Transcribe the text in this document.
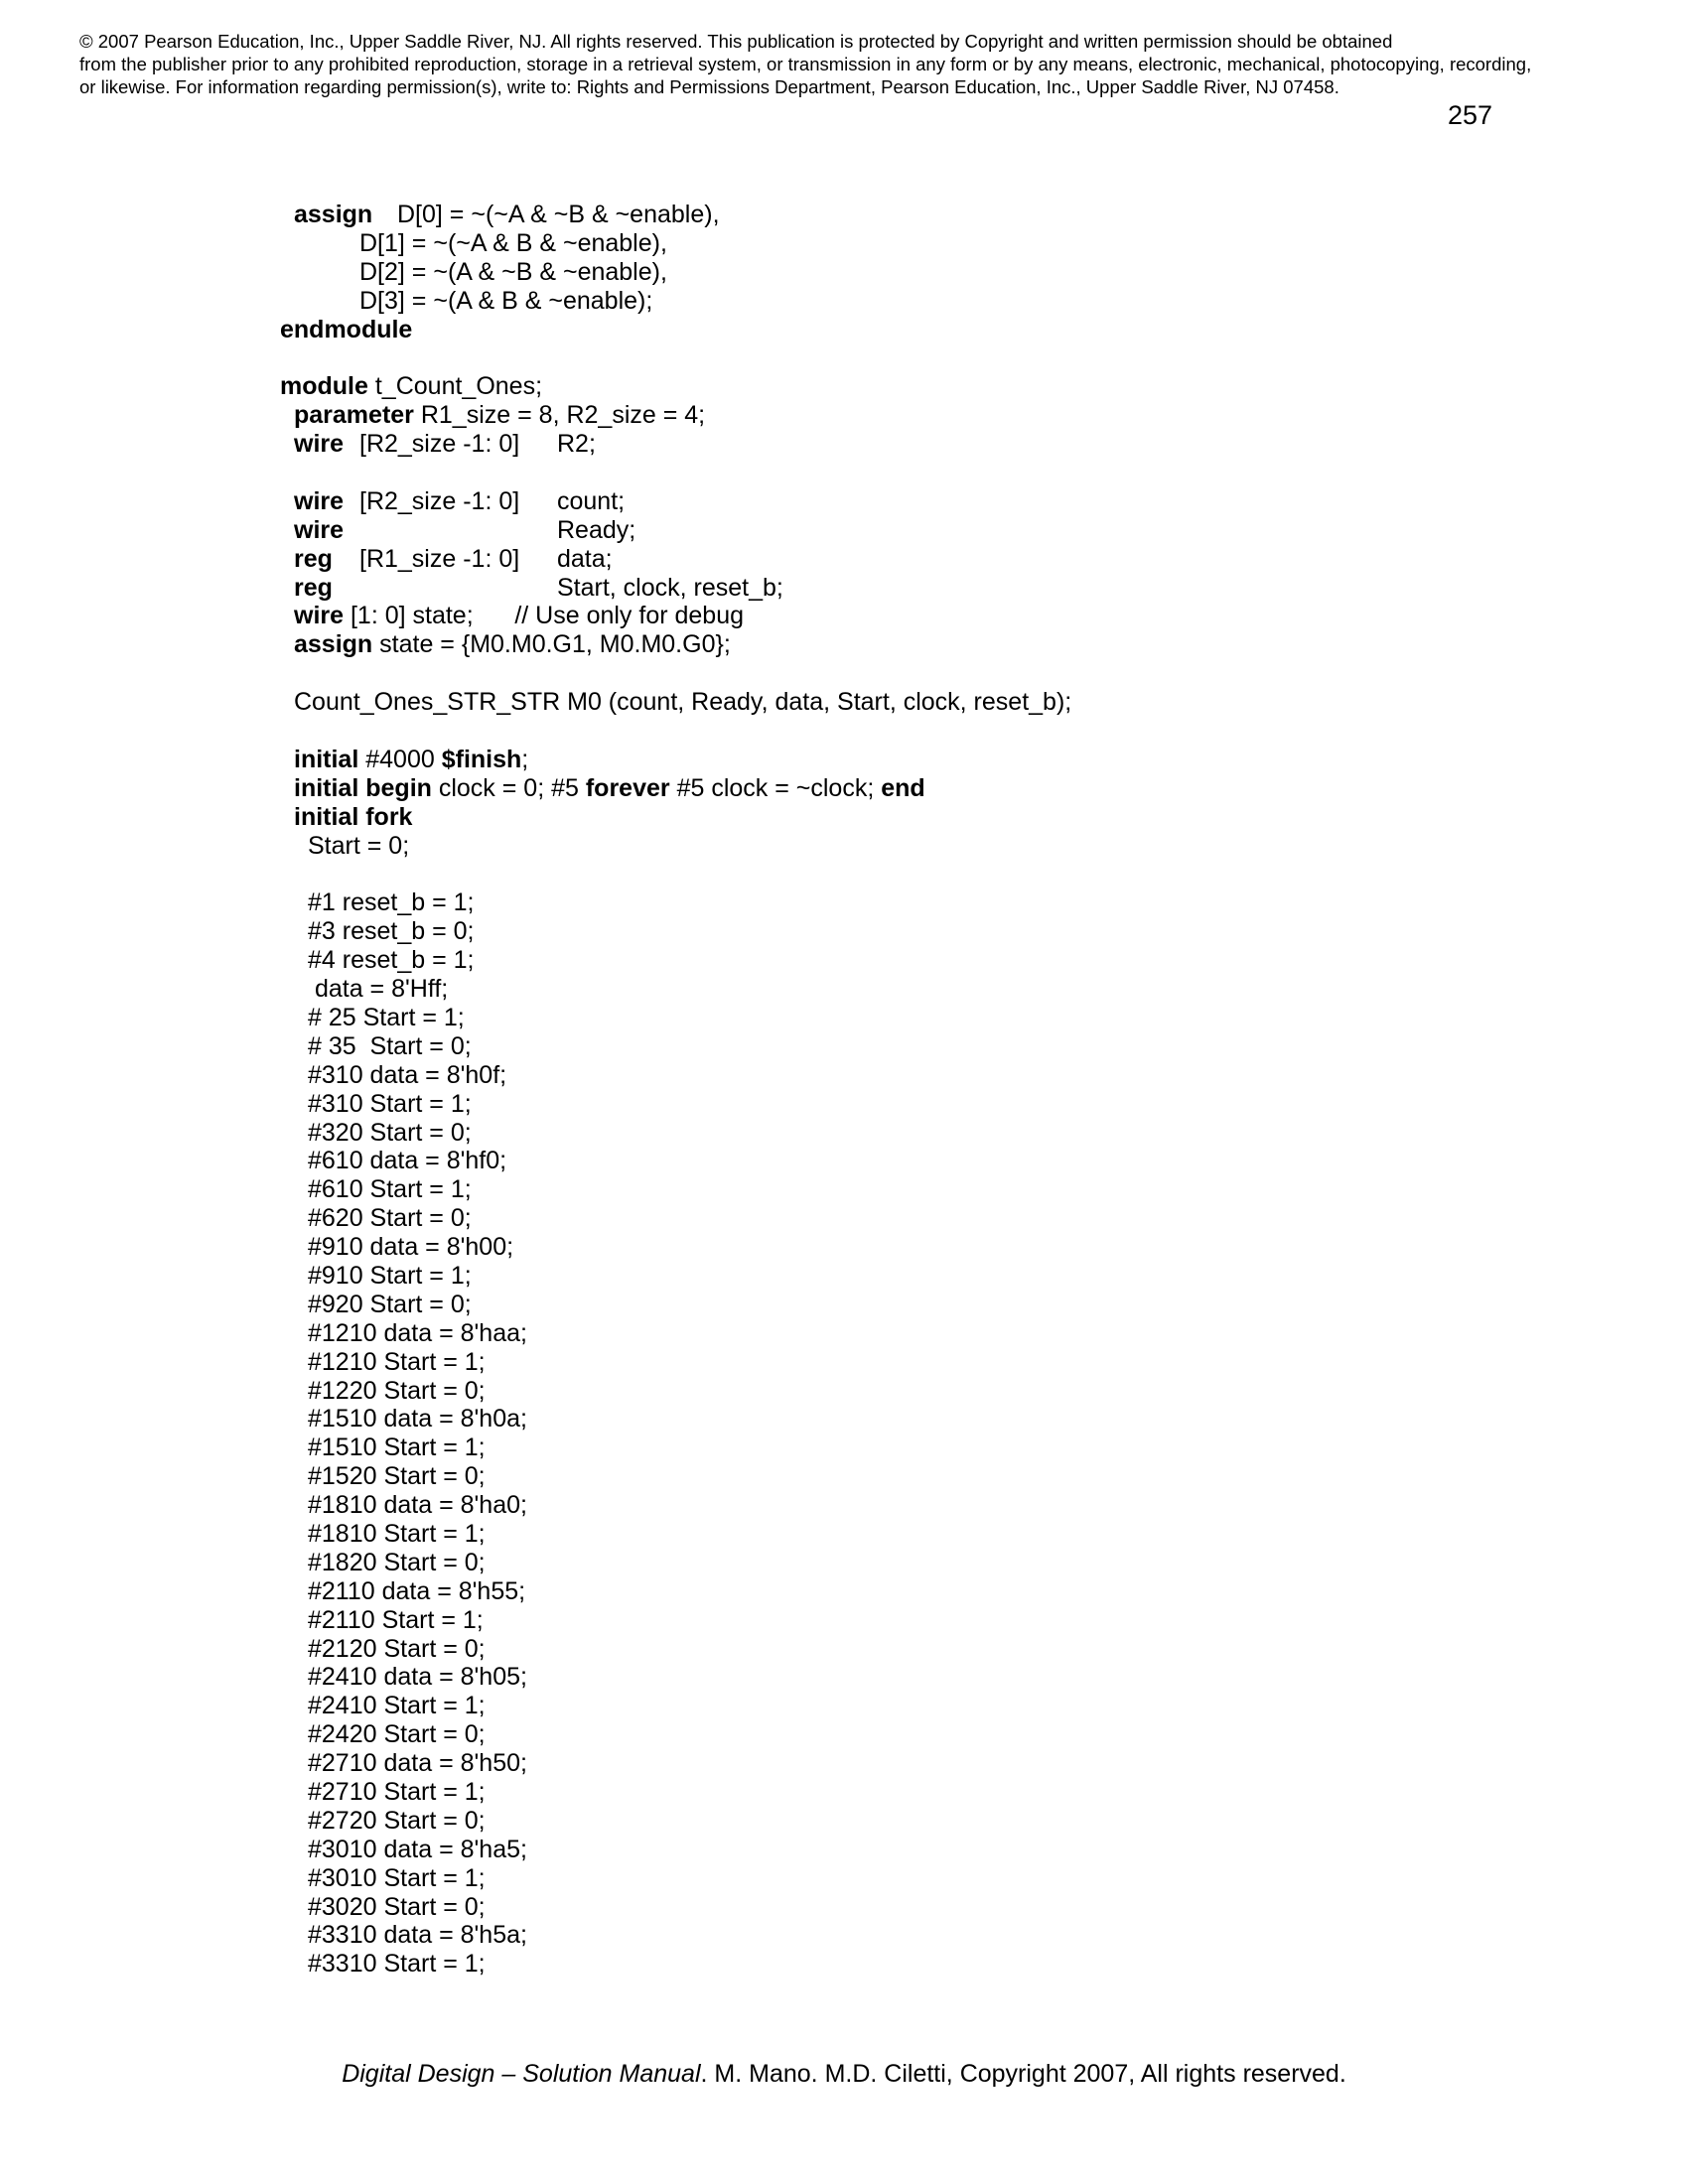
© 2007 Pearson Education, Inc., Upper Saddle River, NJ. All rights reserved. This publication is protected by Copyright and written permission should be obtained
from the publisher prior to any prohibited reproduction, storage in a retrieval system, or transmission in any form or by any means, electronic, mechanical, photocopying, recording,
or likewise. For information regarding permission(s), write to: Rights and Permissions Department, Pearson Education, Inc., Upper Saddle River, NJ 07458.
257

assign

D[0] = ~(~A & ~B & ~enable),

D[1] = ~(~A & B & ~enable),

D[2] = ~(A & ~B & ~enable),

D[3] = ~(A & B & ~enable);

endmodule

module t_Count_Ones;

parameter R1_size = 8, R2_size = 4;

wire

[R2_size -1: 0]

R2;

wire

[R2_size -1: 0]

count;

wire

	Ready;

reg

[R1_size -1: 0]

data;

reg

	Start, clock, reset_b;

wire [1: 0] state;      // Use only for debug

assign state = {M0.M0.G1, M0.M0.G0};

Count_Ones_STR_STR M0 (count, Ready, data, Start, clock, reset_b);

initial #4000 $finish;

initial begin clock = 0; #5 forever #5 clock = ~clock; end

initial fork

Start = 0;

#1 reset_b = 1;
#3 reset_b = 0;
#4 reset_b = 1;
data = 8'Hff;
# 25 Start = 1;
# 35  Start = 0;
#310 data = 8'h0f;
#310 Start = 1;
#320 Start = 0;
#610 data = 8'hf0;
#610 Start = 1;
#620 Start = 0;
#910 data = 8'h00;
#910 Start = 1;
#920 Start = 0;
#1210 data = 8'haa;
#1210 Start = 1;
#1220 Start = 0;
#1510 data = 8'h0a;
#1510 Start = 1;
#1520 Start = 0;
#1810 data = 8'ha0;
#1810 Start = 1;
#1820 Start = 0;
#2110 data = 8'h55;
#2110 Start = 1;
#2120 Start = 0;
#2410 data = 8'h05;
#2410 Start = 1;
#2420 Start = 0;
#2710 data = 8'h50;
#2710 Start = 1;
#2720 Start = 0;
#3010 data = 8'ha5;
#3010 Start = 1;
#3020 Start = 0;
#3310 data = 8'h5a;
#3310 Start = 1;
Digital Design – Solution Manual. M. Mano. M.D. Ciletti, Copyright 2007, All rights reserved.
